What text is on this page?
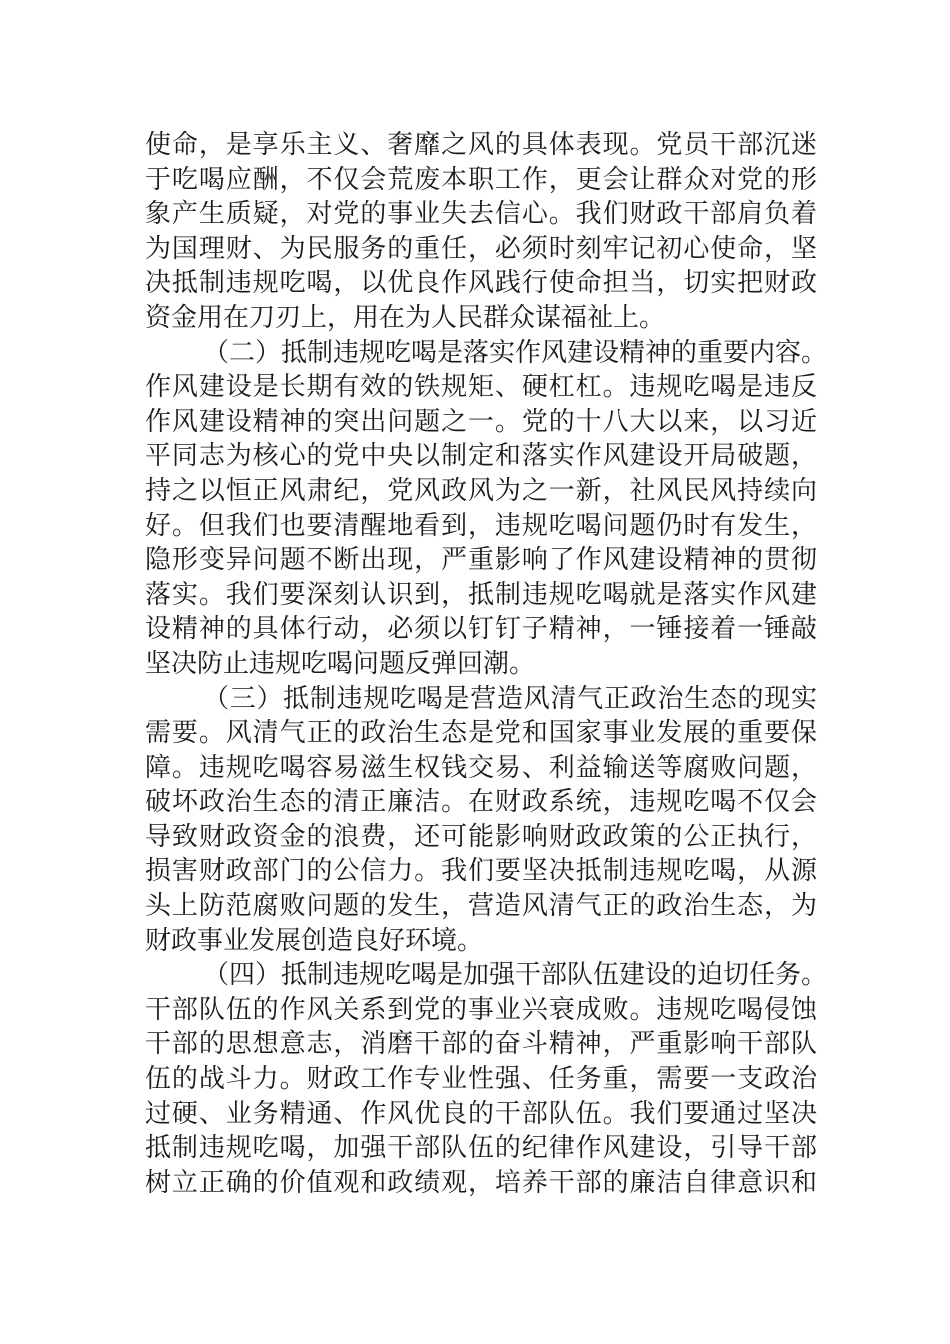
使命，是享乐主义、奢靡之风的具体表现。党员干部沉迷
于吃喝应酬，不仅会荒废本职工作，更会让群众对党的形
象产生质疑，对党的事业失去信心。我们财政干部肩负着
为国理财、为民服务的重任，必须时刻牢记初心使命，坚
决抵制违规吃喝，以优良作风践行使命担当，切实把财政
资金用在刀刃上，用在为人民群众谋福祉上。
（二）抵制违规吃喝是落实作风建设精神的重要内容。
作风建设是长期有效的铁规矩、硬杠杠。违规吃喝是违反
作风建设精神的突出问题之一。党的十八大以来，以习近
平同志为核心的党中央以制定和落实作风建设开局破题，
持之以恒正风肃纪，党风政风为之一新，社风民风持续向
好。但我们也要清醒地看到，违规吃喝问题仍时有发生，
隐形变异问题不断出现，严重影响了作风建设精神的贯彻
落实。我们要深刻认识到，抵制违规吃喝就是落实作风建
设精神的具体行动，必须以钉钉子精神，一锤接着一锤敲
坚决防止违规吃喝问题反弹回潮。
（三）抵制违规吃喝是营造风清气正政治生态的现实
需要。风清气正的政治生态是党和国家事业发展的重要保
障。违规吃喝容易滋生权钱交易、利益输送等腐败问题，
破坏政治生态的清正廉洁。在财政系统，违规吃喝不仅会
导致财政资金的浪费，还可能影响财政政策的公正执行，
损害财政部门的公信力。我们要坚决抵制违规吃喝，从源
头上防范腐败问题的发生，营造风清气正的政治生态，为
财政事业发展创造良好环境。
（四）抵制违规吃喝是加强干部队伍建设的迫切任务。
干部队伍的作风关系到党的事业兴衰成败。违规吃喝侵蚀
干部的思想意志，消磨干部的奋斗精神，严重影响干部队
伍的战斗力。财政工作专业性强、任务重，需要一支政治
过硬、业务精通、作风优良的干部队伍。我们要通过坚决
抵制违规吃喝，加强干部队伍的纪律作风建设，引导干部
树立正确的价值观和政绩观，培养干部的廉洁自律意识和
